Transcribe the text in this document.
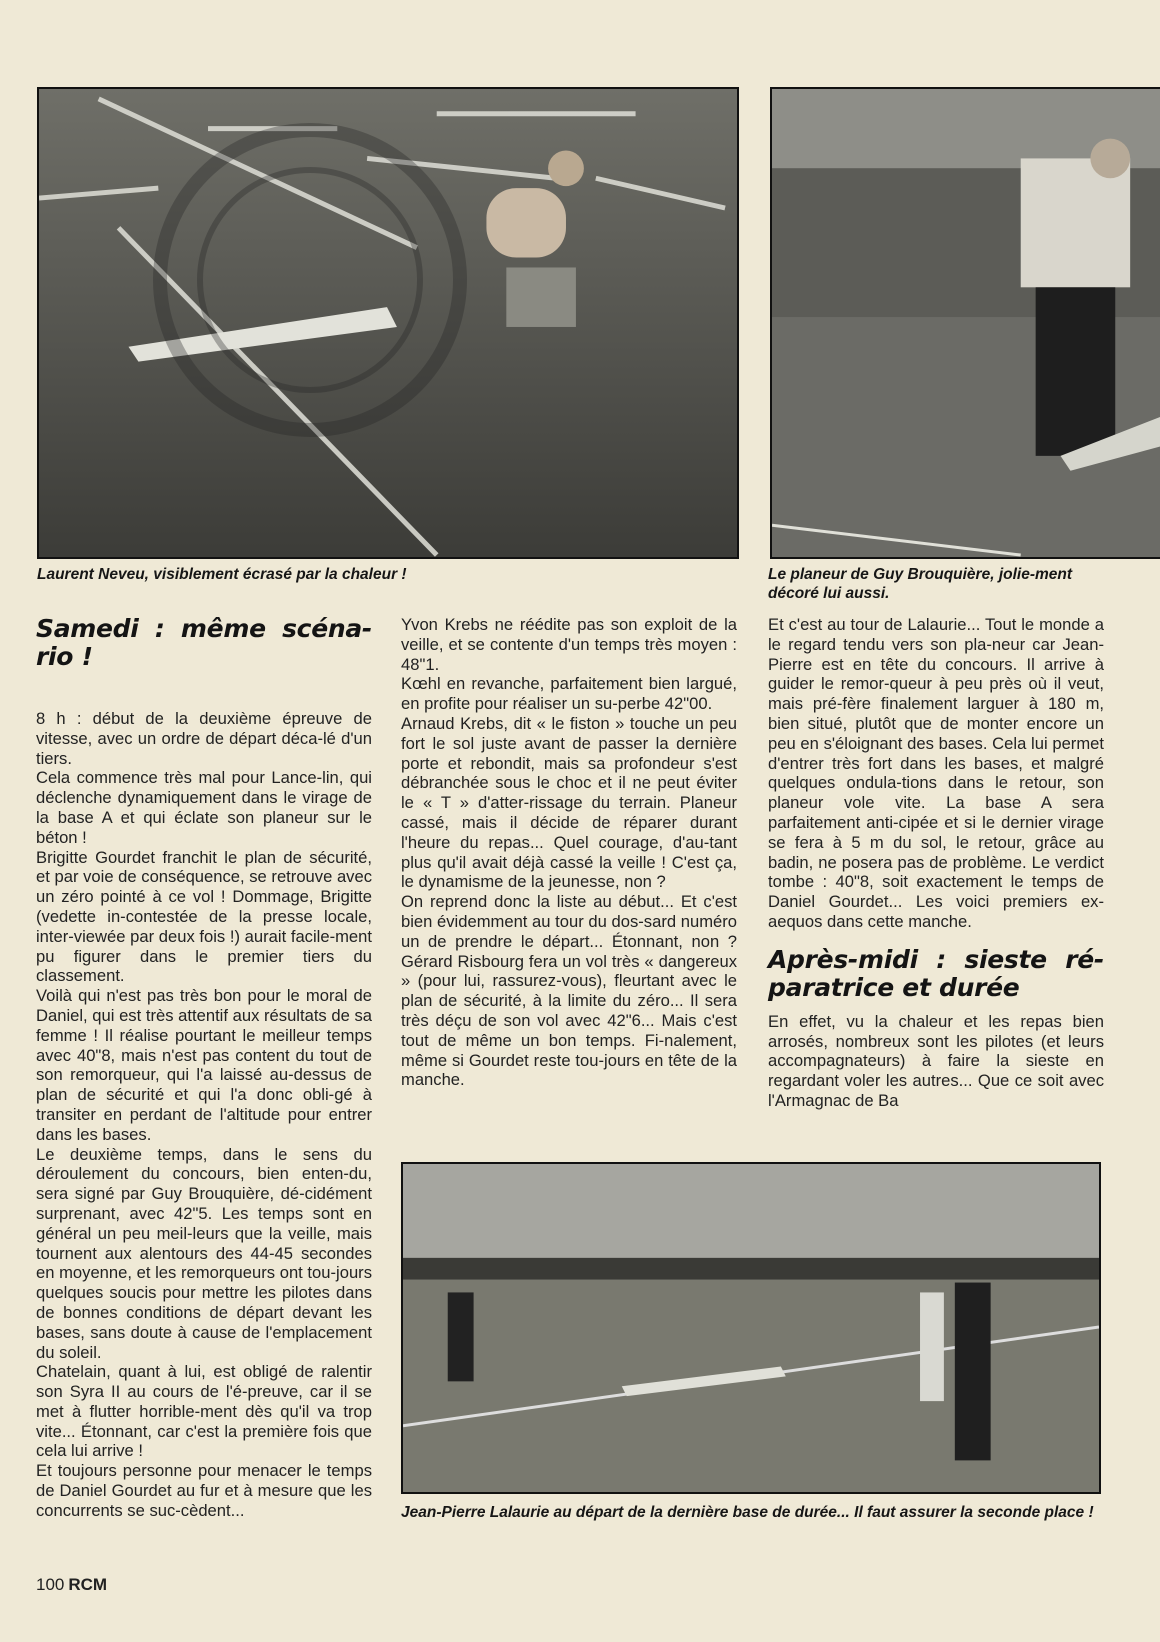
Laurent Neveu, visiblement écrasé par la chaleur !	Le planeur de Guy Brouquière, jolie-ment décoré lui aussi.
Samedi : même scéna-rio !

8 h : début de la deuxième épreuve de vitesse, avec un ordre de départ déca-lé d'un tiers.

Cela commence très mal pour Lance-lin, qui déclenche dynamiquement dans le virage de la base A et qui éclate son planeur sur le béton !

Brigitte Gourdet franchit le plan de sécurité, et par voie de conséquence, se retrouve avec un zéro pointé à ce vol ! Dommage, Brigitte (vedette in-contestée de la presse locale, inter-viewée par deux fois !) aurait facile-ment pu figurer dans le premier tiers du classement.

Voilà qui n'est pas très bon pour le moral de Daniel, qui est très attentif aux résultats de sa femme ! Il réalise pourtant le meilleur temps avec 40"8, mais n'est pas content du tout de son remorqueur, qui l'a laissé au-dessus de plan de sécurité et qui l'a donc obli-gé à transiter en perdant de l'altitude pour entrer dans les bases.

Le deuxième temps, dans le sens du déroulement du concours, bien enten-du, sera signé par Guy Brouquière, dé-cidément surprenant, avec 42"5. Les temps sont en général un peu meil-leurs que la veille, mais tournent aux alentours des 44-45 secondes en moyenne, et les remorqueurs ont tou-jours quelques soucis pour mettre les pilotes dans de bonnes conditions de départ devant les bases, sans doute à cause de l'emplacement du soleil.

Chatelain, quant à lui, est obligé de ralentir son Syra II au cours de l'é-preuve, car il se met à flutter horrible-ment dès qu'il va trop vite... Étonnant, car c'est la première fois que cela lui arrive !

Et toujours personne pour menacer le temps de Daniel Gourdet au fur et à mesure que les concurrents se suc-cèdent...

Yvon Krebs ne réédite pas son exploit de la veille, et se contente d'un temps très moyen : 48"1.

Kœhl en revanche, parfaitement bien largué, en profite pour réaliser un su-perbe 42"00.

Arnaud Krebs, dit « le fiston » touche un peu fort le sol juste avant de passer la dernière porte et rebondit, mais sa profondeur s'est débranchée sous le choc et il ne peut éviter le « T » d'atter-rissage du terrain. Planeur cassé, mais il décide de réparer durant l'heure du repas... Quel courage, d'au-tant plus qu'il avait déjà cassé la veille ! C'est ça, le dynamisme de la jeunesse, non ?

On reprend donc la liste au début... Et c'est bien évidemment au tour du dos-sard numéro un de prendre le départ... Étonnant, non ? Gérard Risbourg fera un vol très « dangereux » (pour lui, rassurez-vous), fleurtant avec le plan de sécurité, à la limite du zéro... Il sera très déçu de son vol avec 42"6... Mais c'est tout de même un bon temps. Fi-nalement, même si Gourdet reste tou-jours en tête de la manche.

Et c'est au tour de Lalaurie... Tout le monde a le regard tendu vers son pla-neur car Jean-Pierre est en tête du concours. Il arrive à guider le remor-queur à peu près où il veut, mais pré-fère finalement larguer à 180 m, bien situé, plutôt que de monter encore un peu en s'éloignant des bases. Cela lui permet d'entrer très fort dans les bases, et malgré quelques ondula-tions dans le retour, son planeur vole vite. La base A sera parfaitement anti-cipée et si le dernier virage se fera à 5 m du sol, le retour, grâce au badin, ne posera pas de problème. Le verdict tombe : 40"8, soit exactement le temps de Daniel Gourdet... Les voici premiers ex-aequos dans cette manche.

Après-midi : sieste ré-paratrice et durée

En effet, vu la chaleur et les repas bien arrosés, nombreux sont les pilotes (et leurs accompagnateurs) à faire la sieste en regardant voler les autres... Que ce soit avec l'Armagnac de Ba

Jean-Pierre Lalaurie au départ de la dernière base de durée... Il faut assurer la seconde place !
100 RCM
